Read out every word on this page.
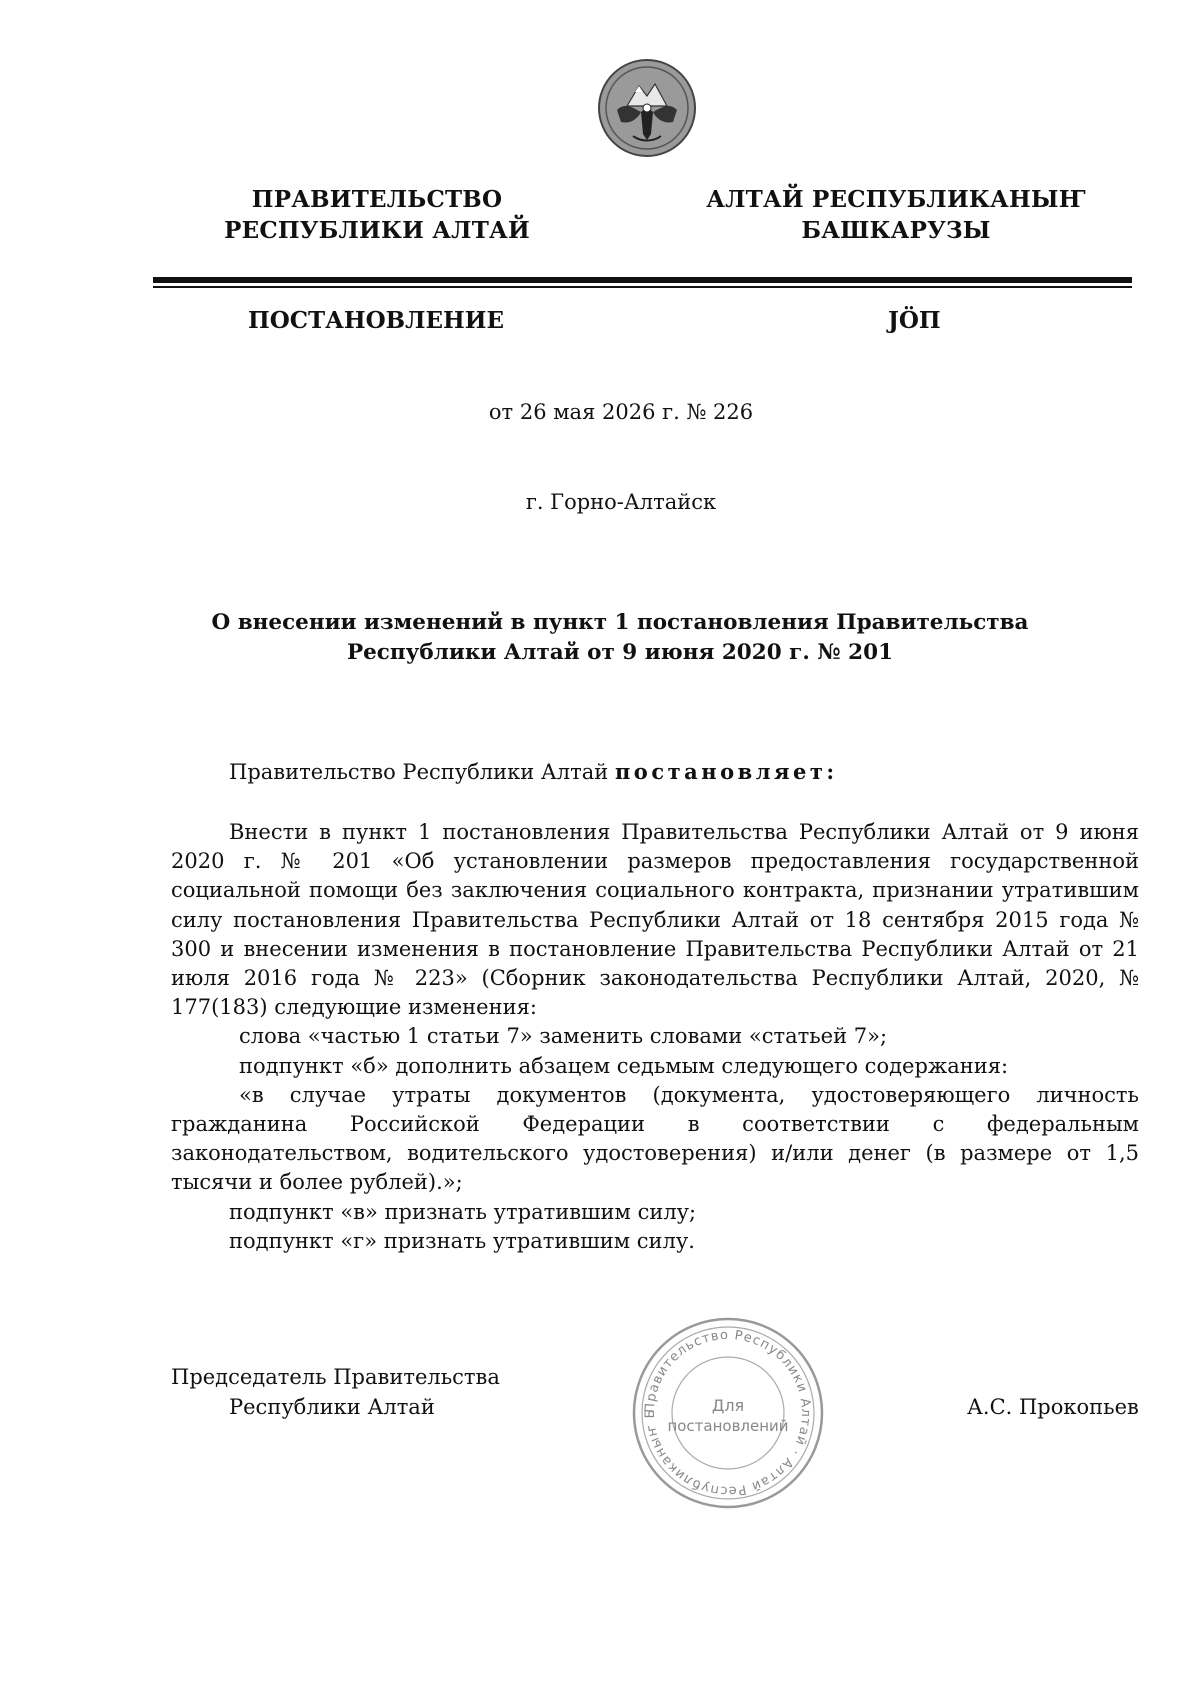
ПРАВИТЕЛЬСТВО
РЕСПУБЛИКИ АЛТАЙ
АЛТАЙ РЕСПУБЛИКАНЫҤ
БАШКАРУЗЫ
ПОСТАНОВЛЕНИЕ	JÖП
от 26 мая 2026 г. № 226
г. Горно-Алтайск
О внесении изменений в пункт 1 постановления Правительства
Республики Алтай от 9 июня 2020 г. № 201
Правительство Республики Алтай постановляет:

Внести в пункт 1 постановления Правительства Республики Алтай от 9 июня 2020 г. № 201 «Об установлении размеров предоставления государственной социальной помощи без заключения социального контракта, признании утратившим силу постановления Правительства Республики Алтай от 18 сентября 2015 года № 300 и внесении изменения в постановление Правительства Республики Алтай от 21 июля 2016 года № 223» (Сборник законодательства Республики Алтай, 2020, № 177(183) следующие изменения:

слова «частью 1 статьи 7» заменить словами «статьей 7»;

подпункт «б» дополнить абзацем седьмым следующего содержания:

«в случае утраты документов (документа, удостоверяющего личность гражданина Российской Федерации в соответствии с федеральным законодательством, водительского удостоверения) и/или денег (в размере от 1,5 тысячи и более рублей).»;

подпункт «в» признать утратившим силу;

подпункт «г» признать утратившим силу.

Председатель Правительства
Республики Алтай	Правительство Республики Алтай · Алтай Республиканыҥ Б	Для
постановлений
А.С. Прокопьев
